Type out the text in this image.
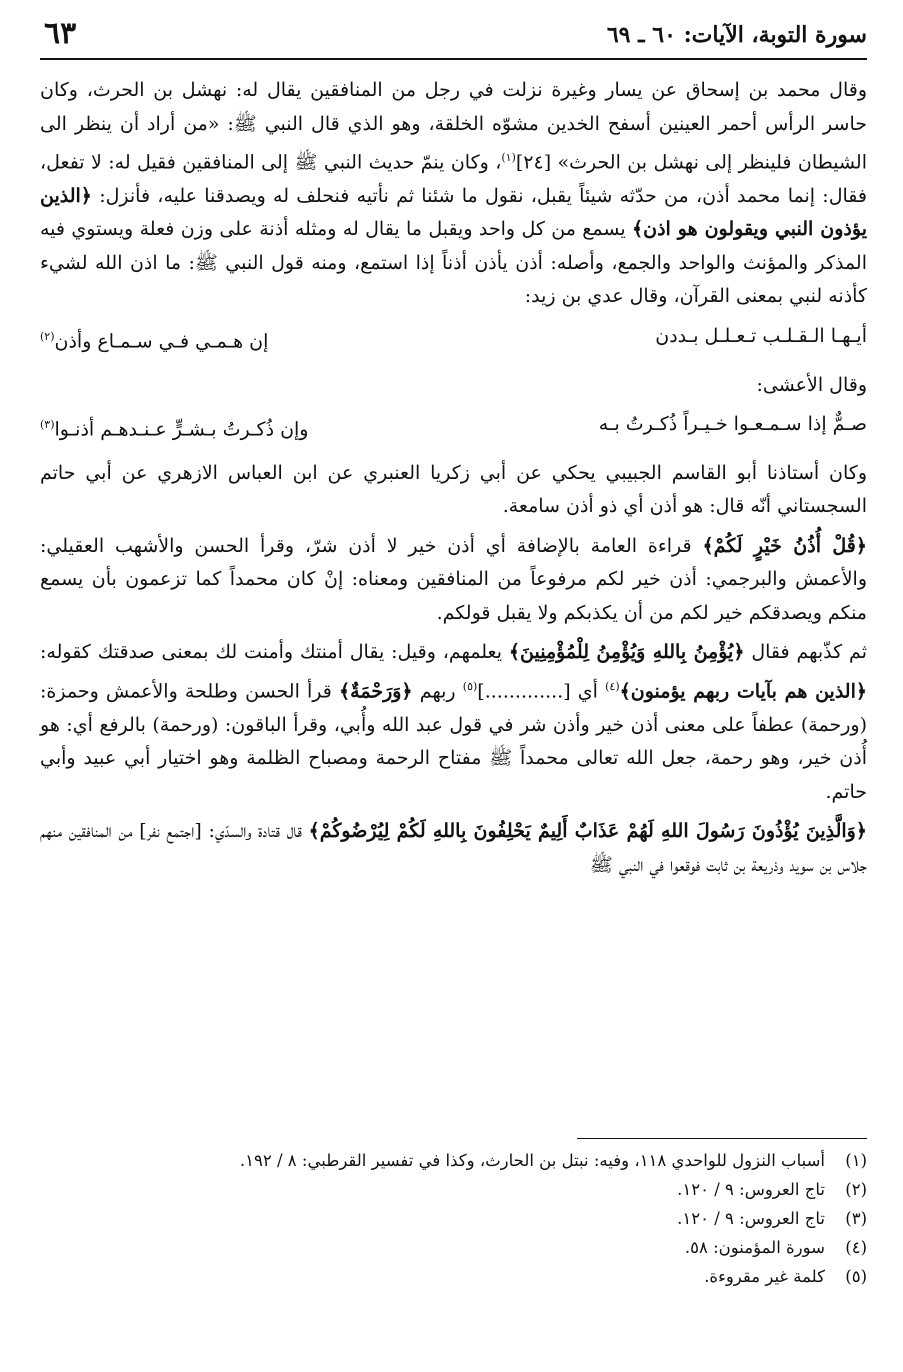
سورة التوبة، الآيات: ٦٠ ـ ٦٩
٦٣

وقال محمد بن إسحاق عن يسار وغيرة نزلت في رجل من المنافقين يقال له: نهشل بن الحرث، وكان حاسر الرأس أحمر العينين أسفح الخدين مشوّه الخلقة، وهو الذي قال النبي ﷺ: «من أراد أن ينظر الى الشيطان فلينظر إلى نهشل بن الحرث» [٢٤]$^{(١)}$، وكان ينمّ حديث النبي ﷺ إلى المنافقين فقيل له: لا تفعل، فقال: إنما محمد أذن، من حدّثه شيئاً يقبل، نقول ما شئنا ثم نأتيه فنحلف له ويصدقنا عليه، فأنزل: ﴿الذين يؤذون النبي ويقولون هو اذن﴾ يسمع من كل واحد ويقبل ما يقال له ومثله أذنة على وزن فعلة ويستوي فيه المذكر والمؤنث والواحد والجمع، وأصله: أذن يأذن أذناً إذا استمع، ومنه قول النبي ﷺ: ما اذن الله لشيء كأذنه لنبي بمعنى القرآن، وقال عدي بن زيد:

أيـهـا الـقـلـب تـعـلـل بـددن
إن هـمـي فـي سـمـاع وأذن$^{(٢)}$

وقال الأعشى:

صـمٌّ إذا سـمـعـوا خـيـراً ذُكـرتُ بـه
وإن ذُكـرتُ بـشـرٍّ عـنـدهـم أذنـوا$^{(٣)}$

وكان أستاذنا أبو القاسم الجبيبي يحكي عن أبي زكريا العنبري عن ابن العباس الازهري عن أبي حاتم السجستاني أنّه قال: هو أذن أي ذو أذن سامعة.

﴿قُلْ أُذُنُ خَيْرٍ لَكُمْ﴾ قراءة العامة بالإضافة أي أذن خير لا أذن شرّ، وقرأ الحسن والأشهب العقيلي: والأعمش والبرجمي: أذن خير لكم مرفوعاً من المنافقين ومعناه: إنْ كان محمداً كما تزعمون بأن يسمع منكم ويصدقكم خير لكم من أن يكذبكم ولا يقبل قولكم.

ثم كذّبهم فقال ﴿يُؤْمِنُ بِاللهِ وَيُؤْمِنُ لِلْمُؤْمِنِينَ﴾ يعلمهم، وقيل: يقال أمنتك وأمنت لك بمعنى صدقتك كقوله: ﴿الذين هم بآيات ربهم يؤمنون﴾$^{(٤)}$ أي [.............]$^{(٥)}$ ربهم ﴿وَرَحْمَةٌ﴾ قرأ الحسن وطلحة والأعمش وحمزة: (ورحمة) عطفاً على معنى أذن خير وأذن شر في قول عبد الله وأُبي، وقرأ الباقون: (ورحمة) بالرفع أي: هو أُذن خير، وهو رحمة، جعل الله تعالى محمداً ﷺ مفتاح الرحمة ومصباح الظلمة وهو اختيار أبي عبيد وأبي حاتم.

﴿وَالَّذِينَ يُؤْذُونَ رَسُولَ اللهِ لَهُمْ عَذَابٌ أَلِيمٌ يَحْلِفُونَ بِاللهِ لَكُمْ لِيُرْضُوكُمْ﴾ قال قتادة والسدّي: [اجتمع نفر] من المنافقين منهم جلاس بن سويد وذريعة بن ثابت فوقعوا في النبي ﷺ

(١)
أسباب النزول للواحدي ١١٨، وفيه: نبتل بن الحارث، وكذا في تفسير القرطبي: ٨ / ١٩٢.
(٢)
تاج العروس: ٩ / ١٢٠.
(٣)
تاج العروس: ٩ / ١٢٠.
(٤)
سورة المؤمنون: ٥٨.
(٥)
كلمة غير مقروءة.
